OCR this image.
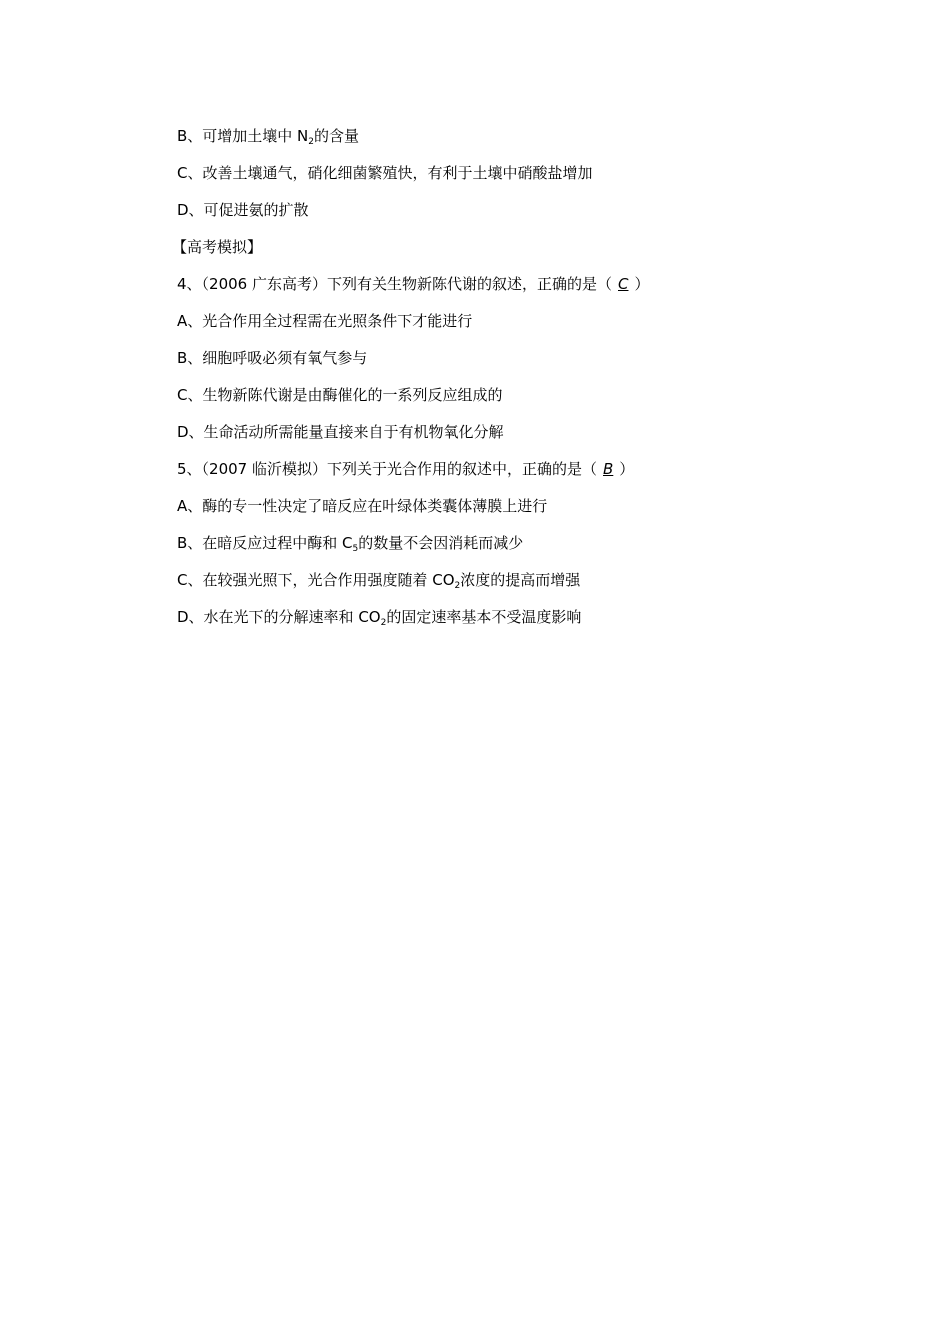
B、可增加土壤中 $N_2$的含量
C、改善土壤通气，硝化细菌繁殖快，有利于土壤中硝酸盐增加
D、可促进氨的扩散
【高考模拟】
4、（2006 广东高考）下列有关生物新陈代谢的叙述，正确的是（ C ）
A、光合作用全过程需在光照条件下才能进行
B、细胞呼吸必须有氧气参与
C、生物新陈代谢是由酶催化的一系列反应组成的
D、生命活动所需能量直接来自于有机物氧化分解
5、（2007 临沂模拟）下列关于光合作用的叙述中，正确的是（ B ）
A、酶的专一性决定了暗反应在叶绿体类囊体薄膜上进行
B、在暗反应过程中酶和 $C_5$的数量不会因消耗而减少
C、在较强光照下，光合作用强度随着 $CO_2$浓度的提高而增强
D、水在光下的分解速率和 $CO_2$的固定速率基本不受温度影响
